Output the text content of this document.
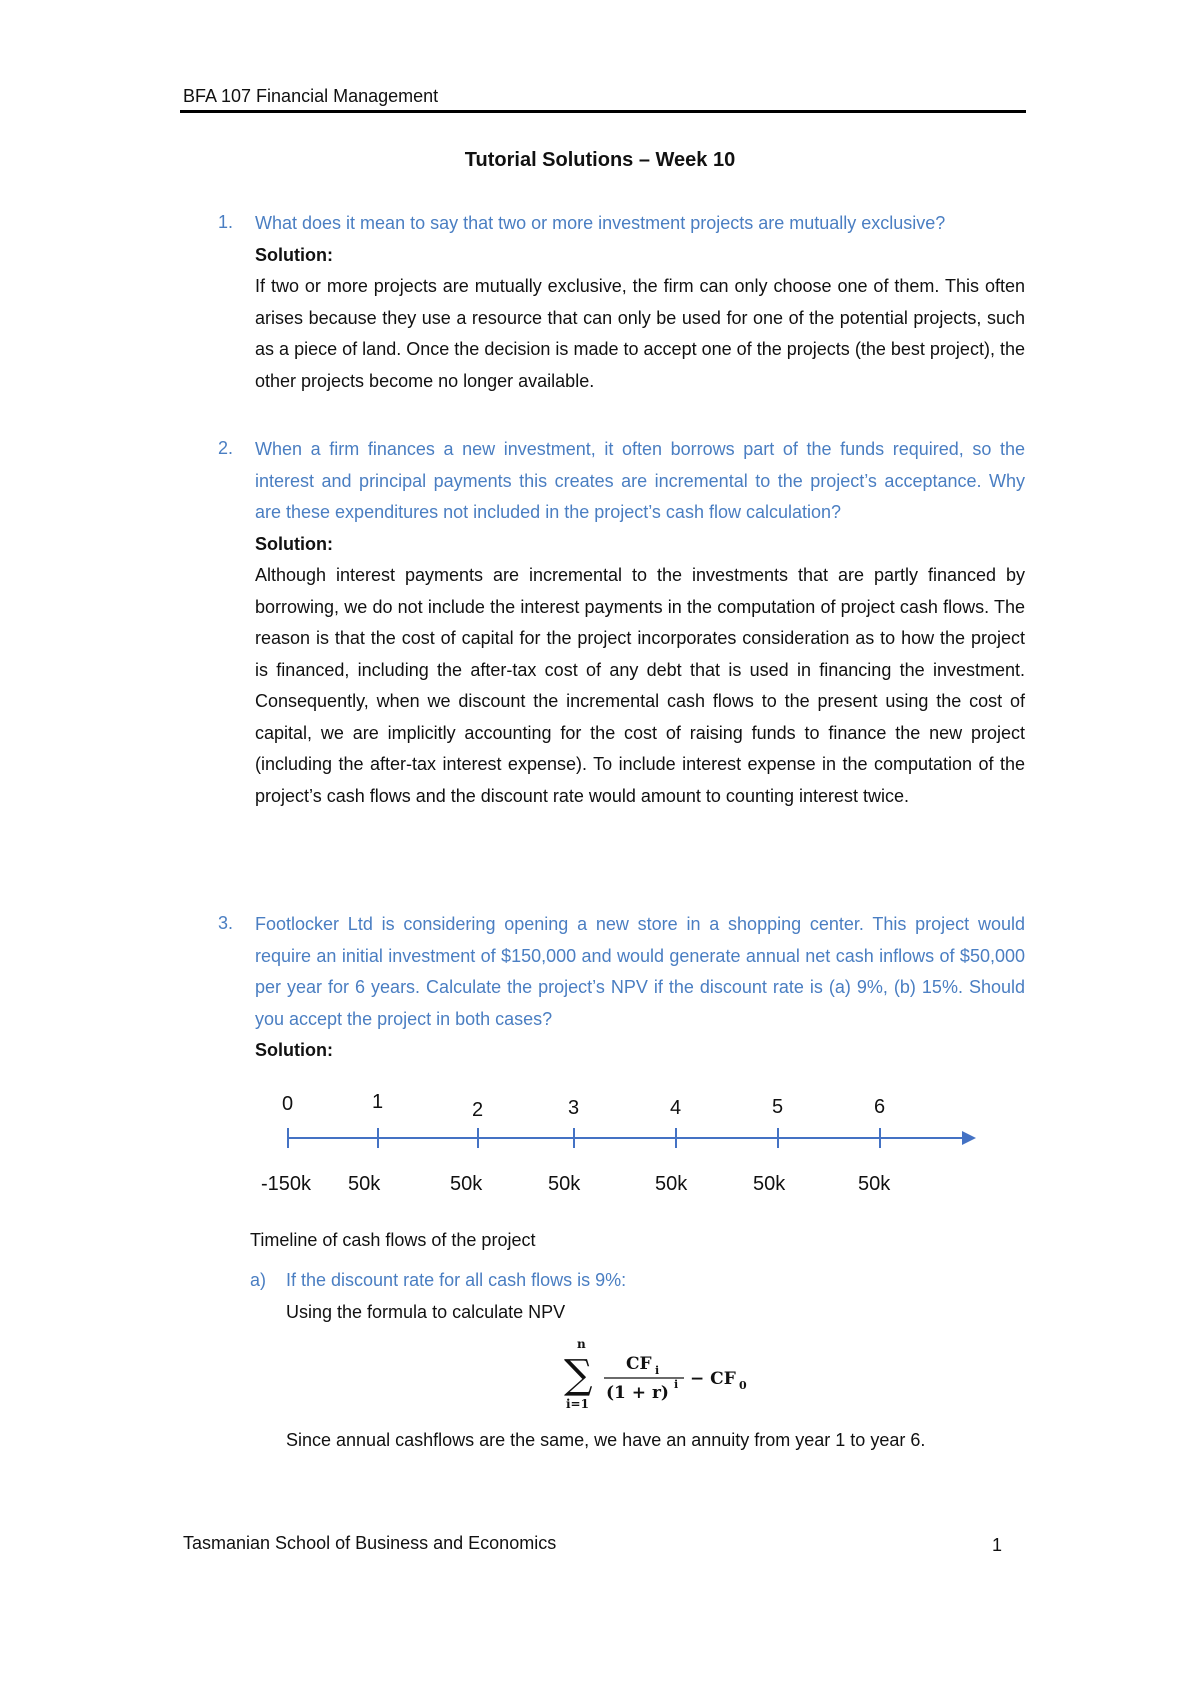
BFA 107 Financial Management
Tutorial Solutions – Week 10
1. What does it mean to say that two or more investment projects are mutually exclusive?
Solution:
If two or more projects are mutually exclusive, the firm can only choose one of them. This often arises because they use a resource that can only be used for one of the potential projects, such as a piece of land. Once the decision is made to accept one of the projects (the best project), the other projects become no longer available.
2. When a firm finances a new investment, it often borrows part of the funds required, so the interest and principal payments this creates are incremental to the project’s acceptance. Why are these expenditures not included in the project’s cash flow calculation?
Solution:
Although interest payments are incremental to the investments that are partly financed by borrowing, we do not include the interest payments in the computation of project cash flows. The reason is that the cost of capital for the project incorporates consideration as to how the project is financed, including the after-tax cost of any debt that is used in financing the investment. Consequently, when we discount the incremental cash flows to the present using the cost of capital, we are implicitly accounting for the cost of raising funds to finance the new project (including the after-tax interest expense). To include interest expense in the computation of the project’s cash flows and the discount rate would amount to counting interest twice.
3. Footlocker Ltd is considering opening a new store in a shopping center. This project would require an initial investment of $150,000 and would generate annual net cash inflows of $50,000 per year for 6 years. Calculate the project’s NPV if the discount rate is (a) 9%, (b) 15%. Should you accept the project in both cases?
Solution:
0
-150k
1
50k
2
50k
3
50k
4
50k
5
50k
6
50k
Timeline of cash flows of the project
a) If the discount rate for all cash flows is 9%:
Using the formula to calculate NPV
n
∑
i=1
CF i
(1 + r) i − CF 0
Since annual cashflows are the same, we have an annuity from year 1 to year 6.
Tasmanian School of Business and Economics	1
